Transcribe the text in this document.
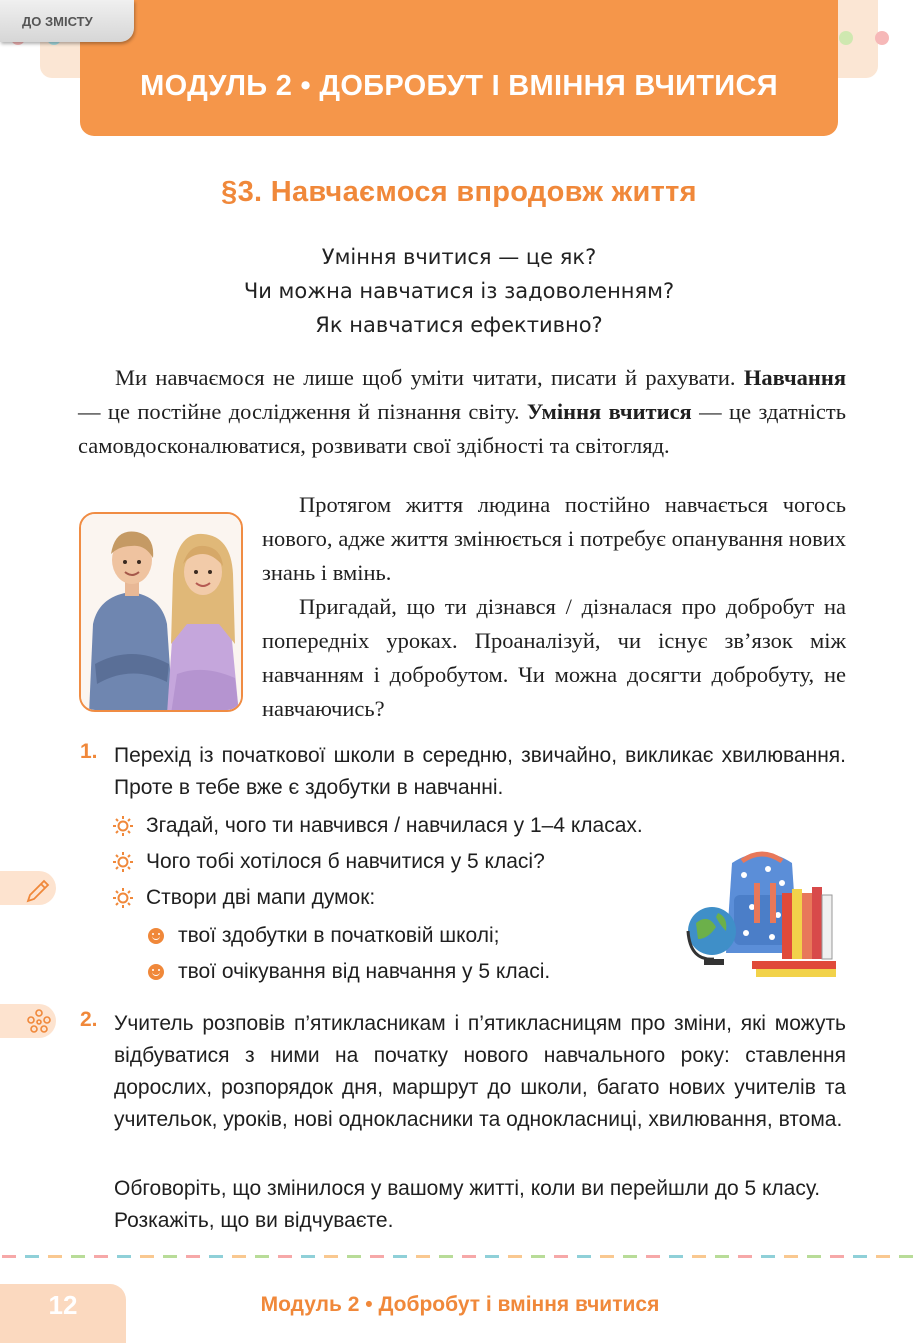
МОДУЛЬ 2 • ДОБРОБУТ І ВМІННЯ ВЧИТИСЯ
ДО ЗМІСТУ
§3. Навчаємося впродовж життя
Уміння вчитися — це як?
Чи можна навчатися із задоволенням?
Як навчатися ефективно?

Ми навчаємося не лише щоб уміти читати, писати й рахувати. Навчання — це постійне дослідження й пізнання світу. Уміння вчитися — це здатність самовдосконалюватися, розвивати свої здібності та світогляд.

Протягом життя людина постійно навчається чогось нового, адже життя змінюється і потребує опанування нових знань і вмінь.

Пригадай, що ти дізнався / дізналася про добробут на попередніх уроках. Проаналізуй, чи існує зв’язок між навчанням і добробутом. Чи можна досягти добробуту, не навчаючись?

1. Перехід із початкової школи в середню, звичайно, викликає хвилювання. Проте в тебе вже є здобутки в навчанні.
Згадай, чого ти навчився / навчилася у 1–4 класах.
Чого тобі хотілося б навчитися у 5 класі?
Створи дві мапи думок:
твої здобутки в початковій школі;
твої очікування від навчання у 5 класі.
2. Учитель розповів п’ятикласникам і п’ятикласницям про зміни, які можуть відбуватися з ними на початку нового навчального року: ставлення дорослих, розпорядок дня, маршрут до школи, багато нових учителів та учительок, уроків, нові однокласники та однокласниці, хвилювання, втома.
Обговоріть, що змінилося у вашому житті, коли ви перейшли до 5 класу. Розкажіть, що ви відчуваєте.
12	Модуль 2 • Добробут і вміння вчитися
